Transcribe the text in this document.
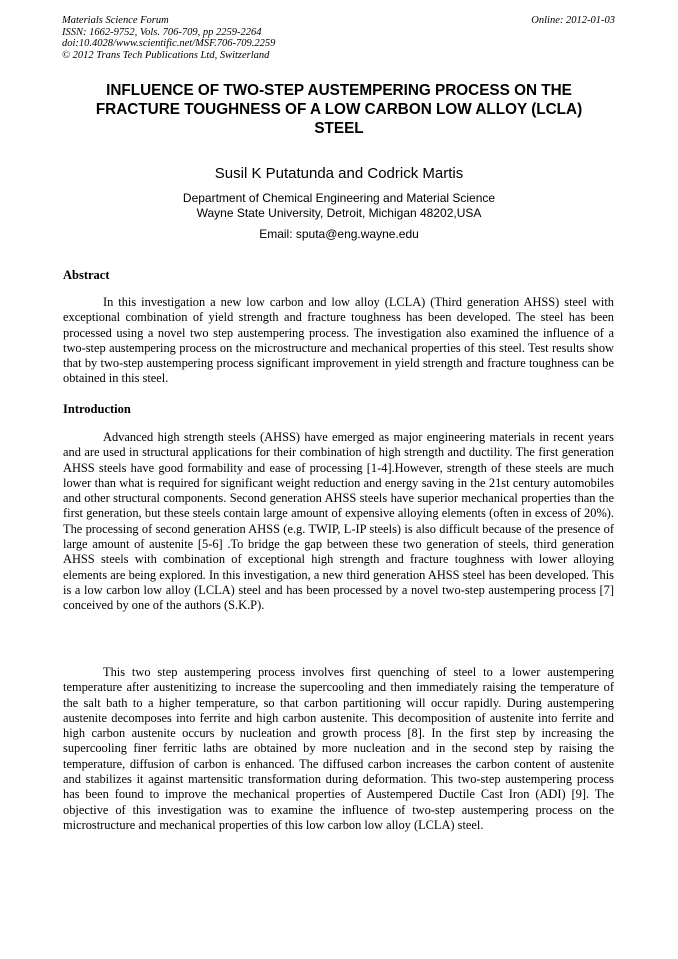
Materials Science Forum
ISSN: 1662-9752, Vols. 706-709, pp 2259-2264
doi:10.4028/www.scientific.net/MSF.706-709.2259
© 2012 Trans Tech Publications Ltd, Switzerland
Online: 2012-01-03
INFLUENCE OF TWO-STEP AUSTEMPERING PROCESS ON THE
FRACTURE TOUGHNESS OF A LOW CARBON LOW ALLOY (LCLA)
STEEL
Susil K Putatunda and Codrick Martis
Department of Chemical Engineering and Material Science
Wayne State University, Detroit, Michigan 48202,USA
Email: sputa@eng.wayne.edu
Abstract

In this investigation a new low carbon and low alloy (LCLA) (Third generation AHSS) steel with exceptional combination of yield strength and fracture toughness has been developed. The steel has been processed using a novel two step austempering process. The investigation also examined the influence of a two-step austempering process on the microstructure and mechanical properties of this steel. Test results show that by two-step austempering process significant improvement in yield strength and fracture toughness can be obtained in this steel.

Introduction

Advanced high strength steels (AHSS) have emerged as major engineering materials in recent years and are used in structural applications for their combination of high strength and ductility. The first generation AHSS steels have good formability and ease of processing [1-4].However, strength of these steels are much lower than what is required for significant weight reduction and energy saving in the 21st century automobiles and other structural components. Second generation AHSS steels have superior mechanical properties than the first generation, but these steels contain large amount of expensive alloying elements (often in excess of 20%). The processing of second generation AHSS (e.g. TWIP, L-IP steels) is also difficult because of the presence of large amount of austenite [5-6] .To bridge the gap between these two generation of steels, third generation AHSS steels with combination of exceptional high strength and fracture toughness with lower alloying elements are being explored. In this investigation, a new third generation AHSS steel has been developed. This is a low carbon low alloy (LCLA) steel and has been processed by a novel two-step austempering process [7] conceived by one of the authors (S.K.P).

This two step austempering process involves first quenching of steel to a lower austempering temperature after austenitizing to increase the supercooling and then immediately raising the temperature of the salt bath to a higher temperature, so that carbon partitioning will occur rapidly. During austempering austenite decomposes into ferrite and high carbon austenite. This decomposition of austenite into ferrite and high carbon austenite occurs by nucleation and growth process [8]. In the first step by increasing the supercooling finer ferritic laths are obtained by more nucleation and in the second step by raising the temperature, diffusion of carbon is enhanced. The diffused carbon increases the carbon content of austenite and stabilizes it against martensitic transformation during deformation. This two-step austempering process has been found to improve the mechanical properties of Austempered Ductile Cast Iron (ADI) [9]. The objective of this investigation was to examine the influence of two-step austempering process on the microstructure and mechanical properties of this low carbon low alloy (LCLA) steel.
